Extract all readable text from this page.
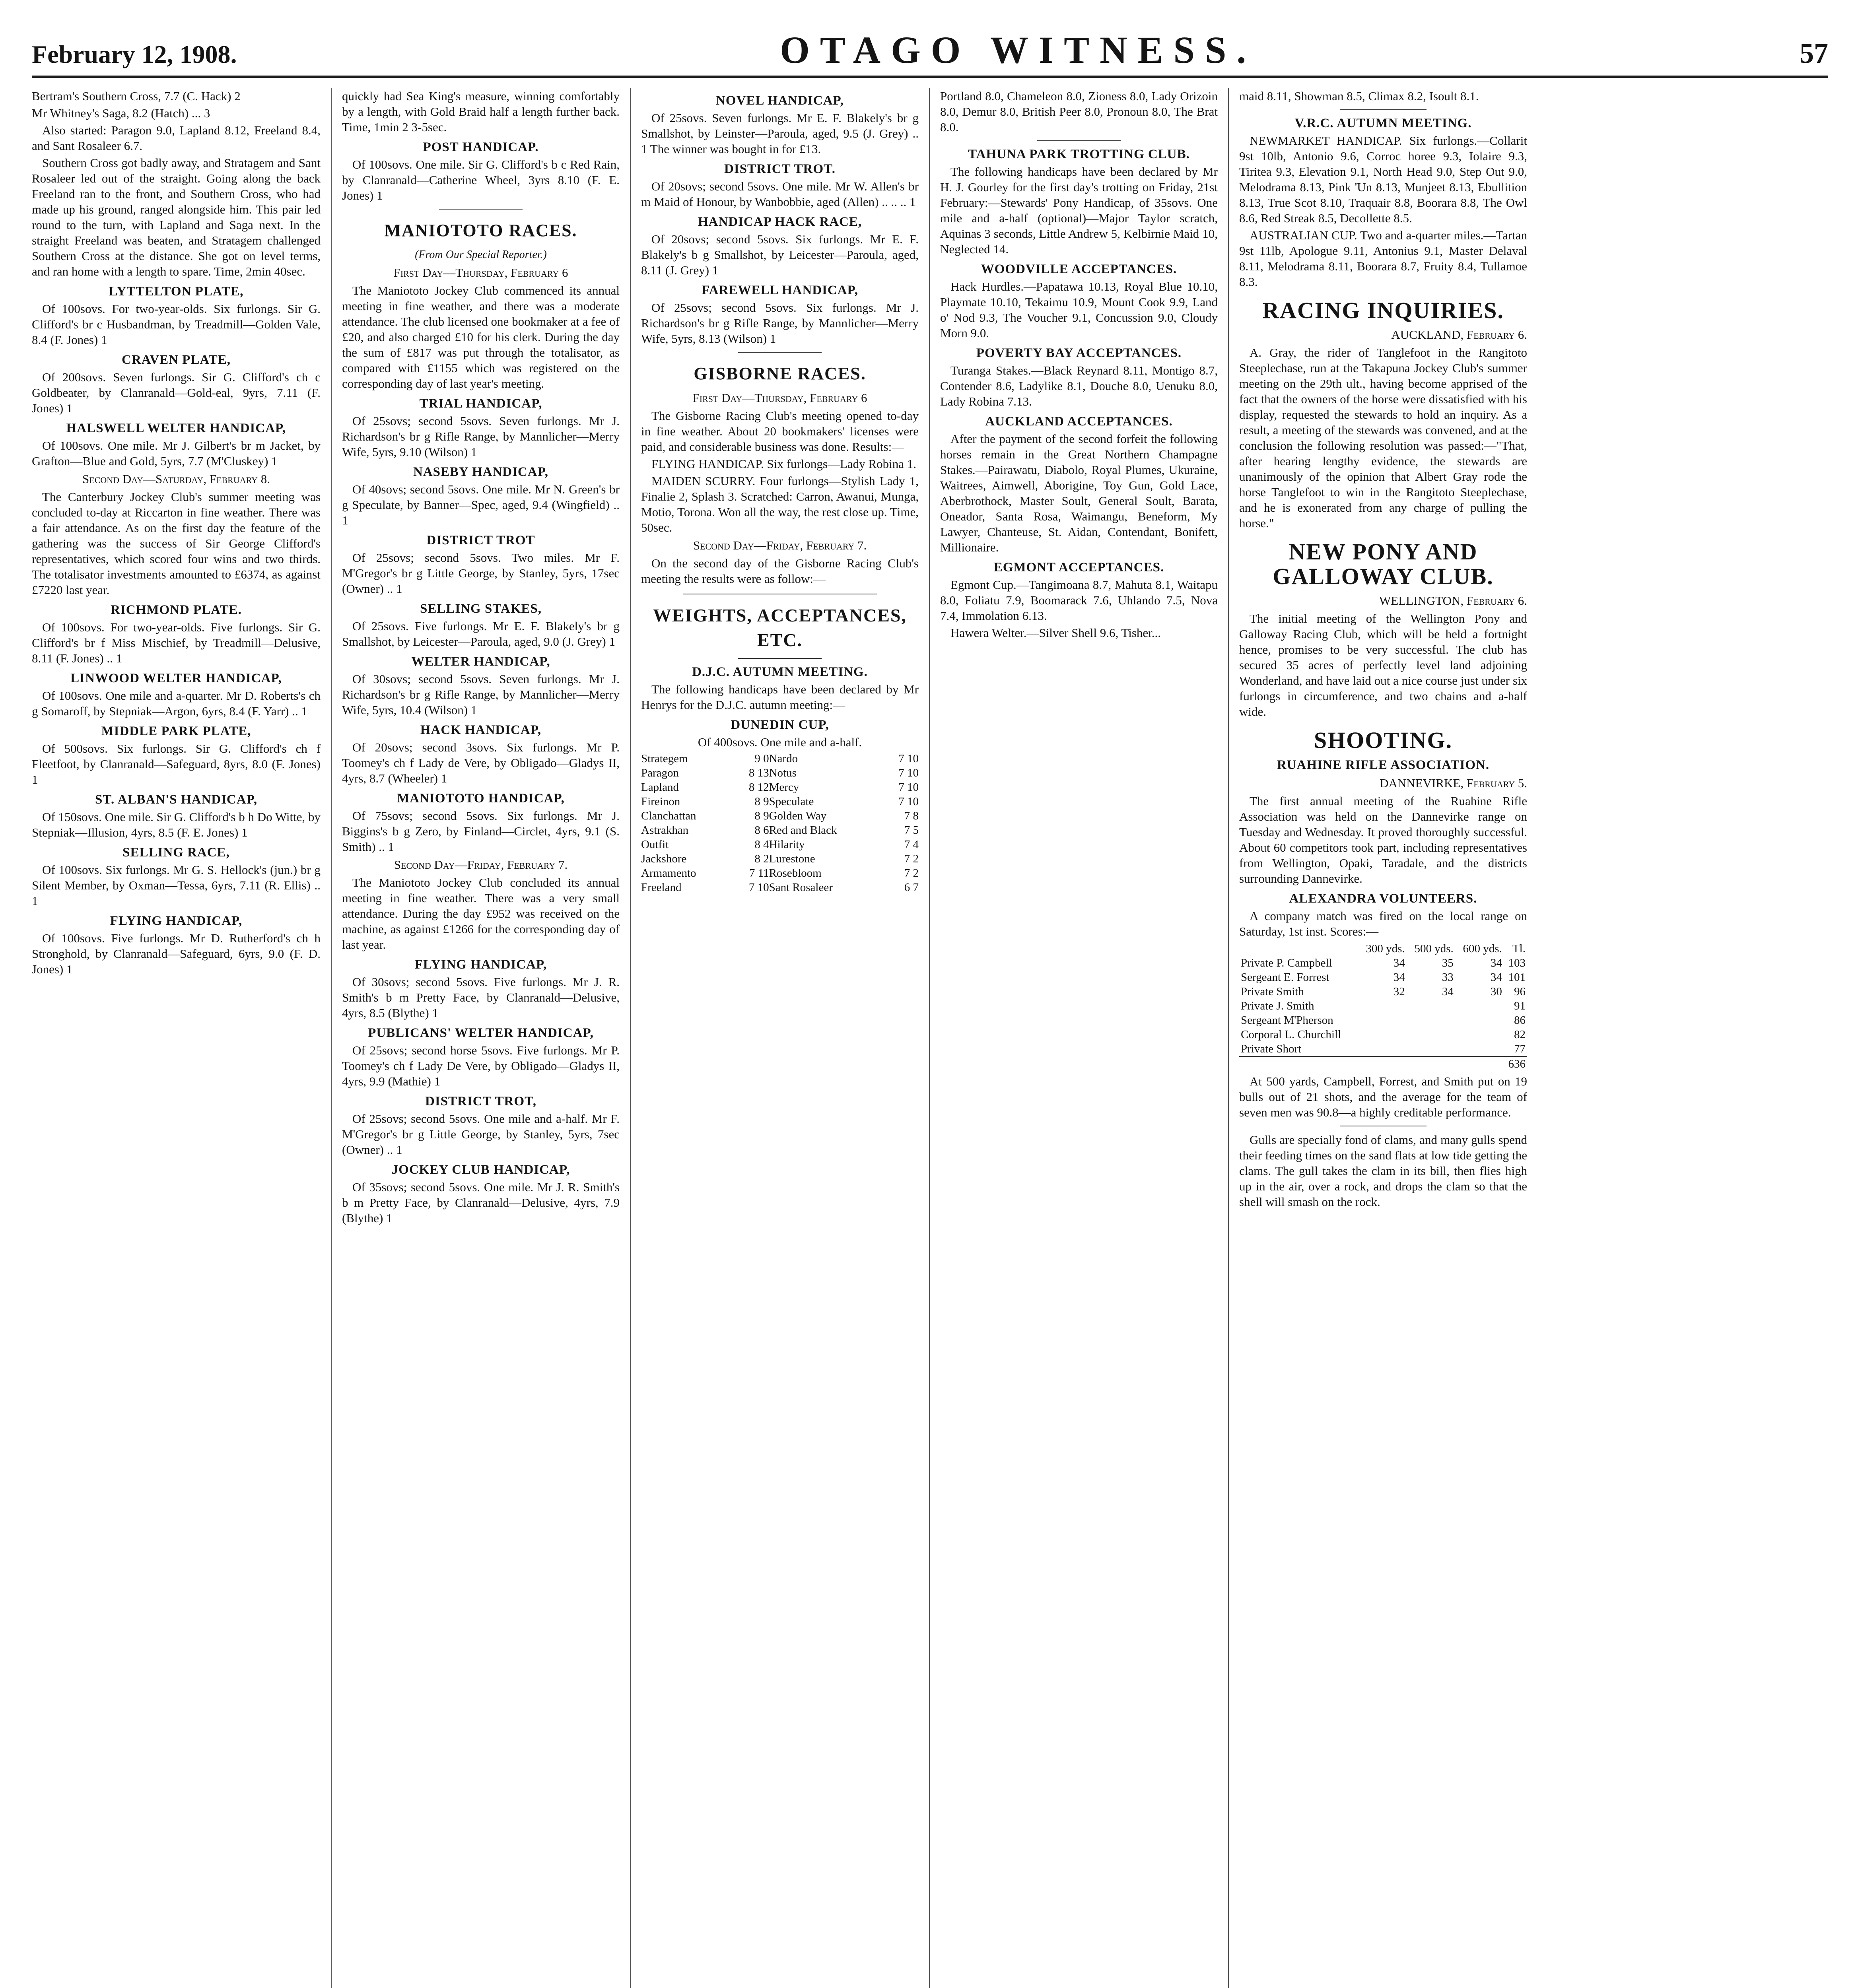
February 12, 1908.	OTAGO WITNESS.	57

Bertram's Southern Cross, 7.7 (C. Hack) 2

Mr Whitney's Saga, 8.2 (Hatch) ... 3

Also started: Paragon 9.0, Lapland 8.12, Freeland 8.4, and Sant Rosaleer 6.7.

Southern Cross got badly away, and Stratagem and Sant Rosaleer led out of the straight. Going along the back Freeland ran to the front, and Southern Cross, who had made up his ground, ranged alongside him. This pair led round to the turn, with Lapland and Saga next. In the straight Freeland was beaten, and Stratagem challenged Southern Cross at the distance. She got on level terms, and ran home with a length to spare. Time, 2min 40sec.

LYTTELTON PLATE,

Of 100sovs. For two-year-olds. Six furlongs. Sir G. Clifford's br c Husbandman, by Treadmill—Golden Vale, 8.4 (F. Jones) 1

CRAVEN PLATE,

Of 200sovs. Seven furlongs. Sir G. Clifford's ch c Goldbeater, by Clanranald—Gold-eal, 9yrs, 7.11 (F. Jones) 1

HALSWELL WELTER HANDICAP,

Of 100sovs. One mile. Mr J. Gilbert's br m Jacket, by Grafton—Blue and Gold, 5yrs, 7.7 (M'Cluskey) 1

Second Day—Saturday, February 8.

The Canterbury Jockey Club's summer meeting was concluded to-day at Riccarton in fine weather. There was a fair attendance. As on the first day the feature of the gathering was the success of Sir George Clifford's representatives, which scored four wins and two thirds. The totalisator investments amounted to £6374, as against £7220 last year.

RICHMOND PLATE.

Of 100sovs. For two-year-olds. Five furlongs. Sir G. Clifford's br f Miss Mischief, by Treadmill—Delusive, 8.11 (F. Jones) .. 1

LINWOOD WELTER HANDICAP,

Of 100sovs. One mile and a-quarter. Mr D. Roberts's ch g Somaroff, by Stepniak—Argon, 6yrs, 8.4 (F. Yarr) .. 1

MIDDLE PARK PLATE,

Of 500sovs. Six furlongs. Sir G. Clifford's ch f Fleetfoot, by Clanranald—Safeguard, 8yrs, 8.0 (F. Jones) 1

ST. ALBAN'S HANDICAP,

Of 150sovs. One mile. Sir G. Clifford's b h Do Witte, by Stepniak—Illusion, 4yrs, 8.5 (F. E. Jones) 1

SELLING RACE,

Of 100sovs. Six furlongs. Mr G. S. Hellock's (jun.) br g Silent Member, by Oxman—Tessa, 6yrs, 7.11 (R. Ellis) .. 1

FLYING HANDICAP,

Of 100sovs. Five furlongs. Mr D. Rutherford's ch h Stronghold, by Clanranald—Safeguard, 6yrs, 9.0 (F. D. Jones) 1

quickly had Sea King's measure, winning comfortably by a length, with Gold Braid half a length further back. Time, 1min 2 3-5sec.

POST HANDICAP.

Of 100sovs. One mile. Sir G. Clifford's b c Red Rain, by Clanranald—Catherine Wheel, 3yrs 8.10 (F. E. Jones) 1

MANIOTOTO RACES.
(From Our Special Reporter.)
First Day—Thursday, February 6

The Maniototo Jockey Club commenced its annual meeting in fine weather, and there was a moderate attendance. The club licensed one bookmaker at a fee of £20, and also charged £10 for his clerk. During the day the sum of £817 was put through the totalisator, as compared with £1155 which was registered on the corresponding day of last year's meeting.

TRIAL HANDICAP,

Of 25sovs; second 5sovs. Seven furlongs. Mr J. Richardson's br g Rifle Range, by Mannlicher—Merry Wife, 5yrs, 9.10 (Wilson) 1

NASEBY HANDICAP,

Of 40sovs; second 5sovs. One mile. Mr N. Green's br g Speculate, by Banner—Spec, aged, 9.4 (Wingfield) .. 1

DISTRICT TROT

Of 25sovs; second 5sovs. Two miles. Mr F. M'Gregor's br g Little George, by Stanley, 5yrs, 17sec (Owner) .. 1

SELLING STAKES,

Of 25sovs. Five furlongs. Mr E. F. Blakely's br g Smallshot, by Leicester—Paroula, aged, 9.0 (J. Grey) 1

WELTER HANDICAP,

Of 30sovs; second 5sovs. Seven furlongs. Mr J. Richardson's br g Rifle Range, by Mannlicher—Merry Wife, 5yrs, 10.4 (Wilson) 1

HACK HANDICAP,

Of 20sovs; second 3sovs. Six furlongs. Mr P. Toomey's ch f Lady de Vere, by Obligado—Gladys II, 4yrs, 8.7 (Wheeler) 1

MANIOTOTO HANDICAP,

Of 75sovs; second 5sovs. Six furlongs. Mr J. Biggins's b g Zero, by Finland—Circlet, 4yrs, 9.1 (S. Smith) .. 1

Second Day—Friday, February 7.

The Maniototo Jockey Club concluded its annual meeting in fine weather. There was a very small attendance. During the day £952 was received on the machine, as against £1266 for the corresponding day of last year.

FLYING HANDICAP,

Of 30sovs; second 5sovs. Five furlongs. Mr J. R. Smith's b m Pretty Face, by Clanranald—Delusive, 4yrs, 8.5 (Blythe) 1

PUBLICANS' WELTER HANDICAP,

Of 25sovs; second horse 5sovs. Five furlongs. Mr P. Toomey's ch f Lady De Vere, by Obligado—Gladys II, 4yrs, 9.9 (Mathie) 1

DISTRICT TROT,

Of 25sovs; second 5sovs. One mile and a-half. Mr F. M'Gregor's br g Little George, by Stanley, 5yrs, 7sec (Owner) .. 1

JOCKEY CLUB HANDICAP,

Of 35sovs; second 5sovs. One mile. Mr J. R. Smith's b m Pretty Face, by Clanranald—Delusive, 4yrs, 7.9 (Blythe) 1

NOVEL HANDICAP,

Of 25sovs. Seven furlongs. Mr E. F. Blakely's br g Smallshot, by Leinster—Paroula, aged, 9.5 (J. Grey) .. 1 The winner was bought in for £13.

DISTRICT TROT.

Of 20sovs; second 5sovs. One mile. Mr W. Allen's br m Maid of Honour, by Wanbobbie, aged (Allen) .. .. .. 1

HANDICAP HACK RACE,

Of 20sovs; second 5sovs. Six furlongs. Mr E. F. Blakely's b g Smallshot, by Leicester—Paroula, aged, 8.11 (J. Grey) 1

FAREWELL HANDICAP,

Of 25sovs; second 5sovs. Six furlongs. Mr J. Richardson's br g Rifle Range, by Mannlicher—Merry Wife, 5yrs, 8.13 (Wilson) 1

GISBORNE RACES.
First Day—Thursday, February 6

The Gisborne Racing Club's meeting opened to-day in fine weather. About 20 bookmakers' licenses were paid, and considerable business was done. Results:—

FLYING HANDICAP. Six furlongs—Lady Robina 1.

MAIDEN SCURRY. Four furlongs—Stylish Lady 1, Finalie 2, Splash 3. Scratched: Carron, Awanui, Munga, Motio, Torona. Won all the way, the rest close up. Time, 50sec.

Second Day—Friday, February 7.

On the second day of the Gisborne Racing Club's meeting the results were as follow:—

WEIGHTS, ACCEPTANCES, ETC.
D.J.C. AUTUMN MEETING.

The following handicaps have been declared by Mr Henrys for the D.J.C. autumn meeting:—

DUNEDIN CUP,

Of 400sovs. One mile and a-half.

Strategem	9 0	Nardo	7 10
Paragon	8 13	Notus	7 10
Lapland	8 12	Mercy	7 10
Fireinon	8 9	Speculate	7 10
Clanchattan	8 9	Golden Way	7 8
Astrakhan	8 6	Red and Black	7 5
Outfit	8 4	Hilarity	7 4
Jackshore	8 2	Lurestone	7 2
Armamento	7 11	Rosebloom	7 2
Freeland	7 10	Sant Rosaleer	6 7

Portland 8.0, Chameleon 8.0, Zioness 8.0, Lady Orizoin 8.0, Demur 8.0, British Peer 8.0, Pronoun 8.0, The Brat 8.0.

TAHUNA PARK TROTTING CLUB.

The following handicaps have been declared by Mr H. J. Gourley for the first day's trotting on Friday, 21st February:—Stewards' Pony Handicap, of 35sovs. One mile and a-half (optional)—Major Taylor scratch, Aquinas 3 seconds, Little Andrew 5, Kelbirnie Maid 10, Neglected 14.

WOODVILLE ACCEPTANCES.

Hack Hurdles.—Papatawa 10.13, Royal Blue 10.10, Playmate 10.10, Tekaimu 10.9, Mount Cook 9.9, Land o' Nod 9.3, The Voucher 9.1, Concussion 9.0, Cloudy Morn 9.0.

POVERTY BAY ACCEPTANCES.

Turanga Stakes.—Black Reynard 8.11, Montigo 8.7, Contender 8.6, Ladylike 8.1, Douche 8.0, Uenuku 8.0, Lady Robina 7.13.

AUCKLAND ACCEPTANCES.

After the payment of the second forfeit the following horses remain in the Great Northern Champagne Stakes.—Pairawatu, Diabolo, Royal Plumes, Ukuraine, Waitrees, Aimwell, Aborigine, Toy Gun, Gold Lace, Aberbrothock, Master Soult, General Soult, Barata, Oneador, Santa Rosa, Waimangu, Beneform, My Lawyer, Chanteuse, St. Aidan, Contendant, Bonifett, Millionaire.

EGMONT ACCEPTANCES.

Egmont Cup.—Tangimoana 8.7, Mahuta 8.1, Waitapu 8.0, Foliatu 7.9, Boomarack 7.6, Uhlando 7.5, Nova 7.4, Immolation 6.13.

Hawera Welter.—Silver Shell 9.6, Tisher...

maid 8.11, Showman 8.5, Climax 8.2, Isoult 8.1.

V.R.C. AUTUMN MEETING.

NEWMARKET HANDICAP. Six furlongs.—Collarit 9st 10lb, Antonio 9.6, Corroc horee 9.3, Iolaire 9.3, Tiritea 9.3, Elevation 9.1, North Head 9.0, Step Out 9.0, Melodrama 8.13, Pink 'Un 8.13, Munjeet 8.13, Ebullition 8.13, True Scot 8.10, Traquair 8.8, Boorara 8.8, The Owl 8.6, Red Streak 8.5, Decollette 8.5.

AUSTRALIAN CUP. Two and a-quarter miles.—Tartan 9st 11lb, Apologue 9.11, Antonius 9.1, Master Delaval 8.11, Melodrama 8.11, Boorara 8.7, Fruity 8.4, Tullamoe 8.3.

RACING INQUIRIES.
AUCKLAND, February 6.

A. Gray, the rider of Tanglefoot in the Rangitoto Steeplechase, run at the Takapuna Jockey Club's summer meeting on the 29th ult., having become apprised of the fact that the owners of the horse were dissatisfied with his display, requested the stewards to hold an inquiry. As a result, a meeting of the stewards was convened, and at the conclusion the following resolution was passed:—"That, after hearing lengthy evidence, the stewards are unanimously of the opinion that Albert Gray rode the horse Tanglefoot to win in the Rangitoto Steeplechase, and he is exonerated from any charge of pulling the horse."

NEW PONY AND GALLOWAY CLUB.
WELLINGTON, February 6.

The initial meeting of the Wellington Pony and Galloway Racing Club, which will be held a fortnight hence, promises to be very successful. The club has secured 35 acres of perfectly level land adjoining Wonderland, and have laid out a nice course just under six furlongs in circumference, and two chains and a-half wide.

SHOOTING.
RUAHINE RIFLE ASSOCIATION.
DANNEVIRKE, February 5.

The first annual meeting of the Ruahine Rifle Association was held on the Dannevirke range on Tuesday and Wednesday. It proved thoroughly successful. About 60 competitors took part, including representatives from Wellington, Opaki, Taradale, and the districts surrounding Dannevirke.

ALEXANDRA VOLUNTEERS.

A company match was fired on the local range on Saturday, 1st inst. Scores:—

	300 yds.	500 yds.	600 yds.	Tl.
Private P. Campbell	34	35	34	103
Sergeant E. Forrest	34	33	34	101
Private Smith	32	34	30	96
Private J. Smith				91
Sergeant M'Pherson				86
Corporal L. Churchill				82
Private Short				77
				636

At 500 yards, Campbell, Forrest, and Smith put on 19 bulls out of 21 shots, and the average for the team of seven men was 90.8—a highly creditable performance.

Gulls are specially fond of clams, and many gulls spend their feeding times on the sand flats at low tide getting the clams. The gull takes the clam in its bill, then flies high up in the air, over a rock, and drops the clam so that the shell will smash on the rock.
